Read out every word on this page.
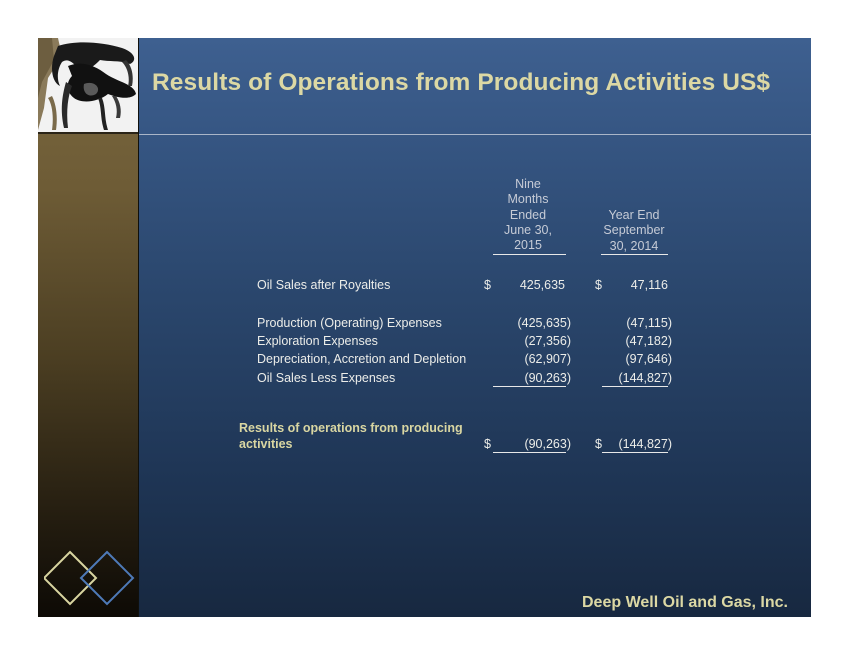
Results of Operations from Producing Activities US$
Nine
Months
Ended
June 30,
2015
Year End
September
30, 2014
Oil Sales after Royalties	$	425,635 $	47,116
Production (Operating) Expenses	(425,635)	(47,115)
Exploration Expenses	(27,356)	(47,182)
Depreciation, Accretion and Depletion	(62,907)	(97,646)
Oil Sales Less Expenses	(90,263)	(144,827)
Results of operations from producing
activities	$	(90,263) $	(144,827)
Deep Well Oil and Gas, Inc.
